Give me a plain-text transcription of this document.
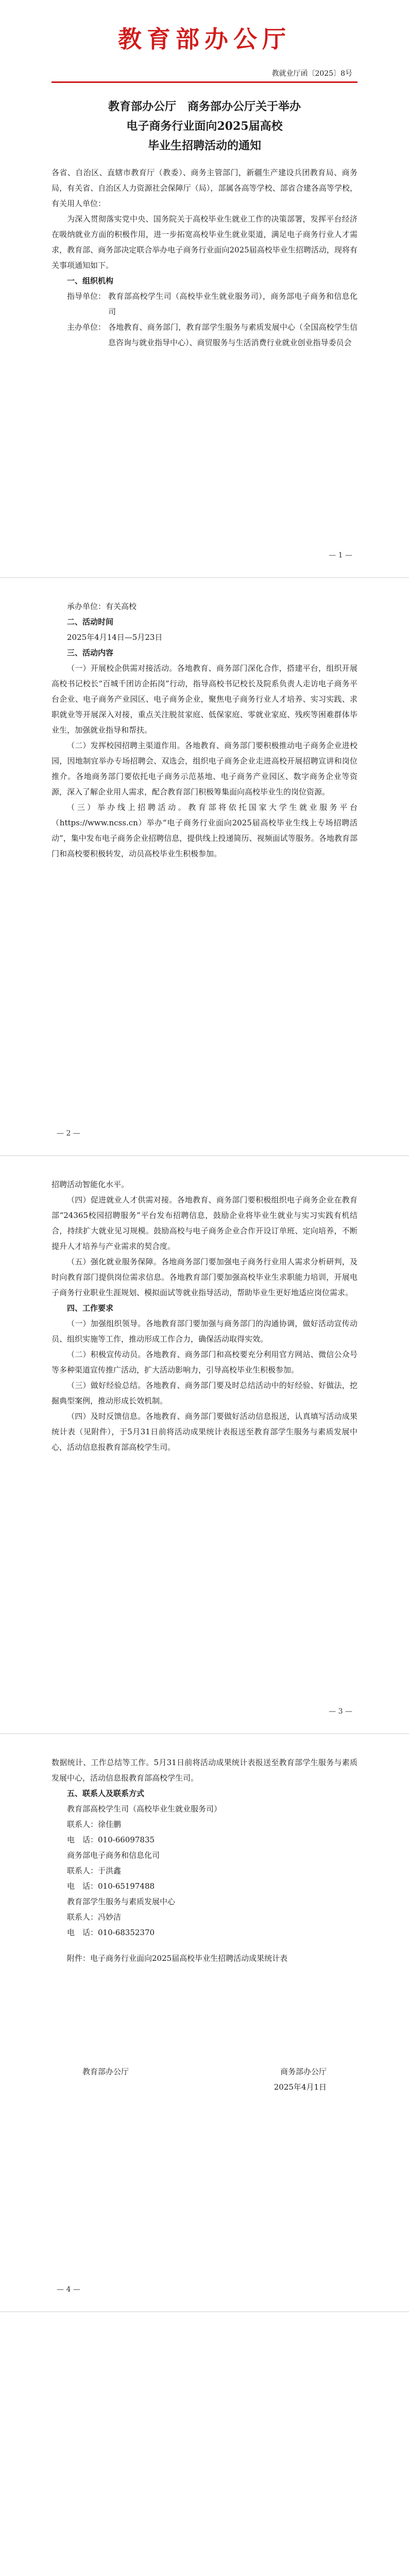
教育部办公厅
教就业厅函〔2025〕8号
教育部办公厅　商务部办公厅关于举办
电子商务行业面向2025届高校
毕业生招聘活动的通知

各省、自治区、直辖市教育厅（教委）、商务主管部门，新疆生产建设兵团教育局、商务局，有关省、自治区人力资源社会保障厅（局），部属各高等学校、部省合建各高等学校，有关用人单位：

为深入贯彻落实党中央、国务院关于高校毕业生就业工作的决策部署，发挥平台经济在吸纳就业方面的积极作用，进一步拓宽高校毕业生就业渠道，满足电子商务行业人才需求，教育部、商务部决定联合举办电子商务行业面向2025届高校毕业生招聘活动，现将有关事项通知如下。

一、组织机构
指导单位： 教育部高校学生司（高校毕业生就业服务司），商务部电子商务和信息化司
主办单位： 各地教育、商务部门，教育部学生服务与素质发展中心（全国高校学生信息咨询与就业指导中心）、商贸服务与生活消费行业就业创业指导委员会
— 1 —

承办单位：有关高校

二、活动时间

2025年4月14日—5月23日

三、活动内容

（一）开展校企供需对接活动。各地教育、商务部门深化合作，搭建平台，组织开展高校书记校长“百城千团访企拓岗”行动，指导高校书记校长及院系负责人走访电子商务平台企业、电子商务产业园区、电子商务企业，聚焦电子商务行业人才培养、实习实践、求职就业等开展深入对接，重点关注脱贫家庭、低保家庭、零就业家庭、残疾等困难群体毕业生，加强就业指导和帮扶。

（二）发挥校园招聘主渠道作用。各地教育、商务部门要积极推动电子商务企业进校园，因地制宜举办专场招聘会、双选会，组织电子商务企业走进高校开展招聘宣讲和岗位推介。各地商务部门要依托电子商务示范基地、电子商务产业园区、数字商务企业等资源，深入了解企业用人需求，配合教育部门积极筹集面向高校毕业生的岗位资源。

（三）举办线上招聘活动。教育部将依托国家大学生就业服务平台（https://www.ncss.cn）举办“电子商务行业面向2025届高校毕业生线上专场招聘活动”，集中发布电子商务企业招聘信息，提供线上投递简历、视频面试等服务。各地教育部门和高校要积极转发，动员高校毕业生积极参加。

— 2 —

招聘活动智能化水平。

（四）促进就业人才供需对接。各地教育、商务部门要积极组织电子商务企业在教育部“24365校园招聘服务”平台发布招聘信息，鼓励企业将毕业生就业与实习实践有机结合，持续扩大就业见习规模。鼓励高校与电子商务企业合作开设订单班、定向培养，不断提升人才培养与产业需求的契合度。

（五）强化就业服务保障。各地商务部门要加强电子商务行业用人需求分析研判，及时向教育部门提供岗位需求信息。各地教育部门要加强高校毕业生求职能力培训，开展电子商务行业职业生涯规划、模拟面试等就业指导活动，帮助毕业生更好地适应岗位需求。

四、工作要求

（一）加强组织领导。各地教育部门要加强与商务部门的沟通协调，做好活动宣传动员、组织实施等工作，推动形成工作合力，确保活动取得实效。

（二）积极宣传动员。各地教育、商务部门和高校要充分利用官方网站、微信公众号等多种渠道宣传推广活动，扩大活动影响力，引导高校毕业生积极参加。

（三）做好经验总结。各地教育、商务部门要及时总结活动中的好经验、好做法，挖掘典型案例，推动形成长效机制。

（四）及时反馈信息。各地教育、商务部门要做好活动信息报送，认真填写活动成果统计表（见附件），于5月31日前将活动成果统计表报送至教育部学生服务与素质发展中心，活动信息报教育部高校学生司。

— 3 —

数据统计、工作总结等工作。5月31日前将活动成果统计表报送至教育部学生服务与素质发展中心，活动信息报教育部高校学生司。

五、联系人及联系方式

教育部高校学生司（高校毕业生就业服务司）

联系人：徐佳鹏

电　话：010-66097835

商务部电子商务和信息化司

联系人：于洪鑫

电　话：010-65197488

教育部学生服务与素质发展中心

联系人：冯妙洁

电　话：010-68352370

附件：电子商务行业面向2025届高校毕业生招聘活动成果统计表

教育部办公厅	商务部办公厅
2025年4月1日
— 4 —
